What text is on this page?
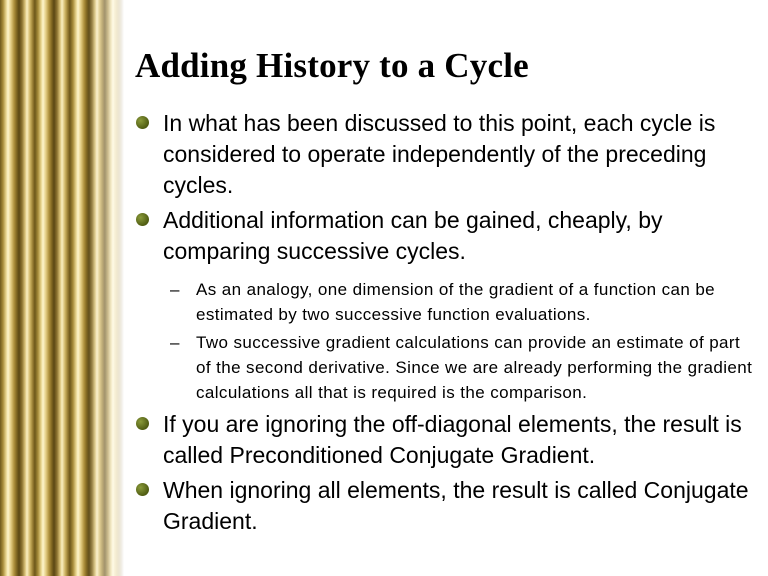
Adding History to a Cycle
In what has been discussed to this point, each cycle is considered to operate independently of the preceding cycles.
Additional information can be gained, cheaply, by comparing successive cycles.
– As an analogy, one dimension of the gradient of a function can be estimated by two successive function evaluations.
– Two successive gradient calculations can provide an estimate of part of the second derivative. Since we are already performing the gradient calculations all that is required is the comparison.
If you are ignoring the off-diagonal elements, the result is called Preconditioned Conjugate Gradient.
When ignoring all elements, the result is called Conjugate Gradient.
